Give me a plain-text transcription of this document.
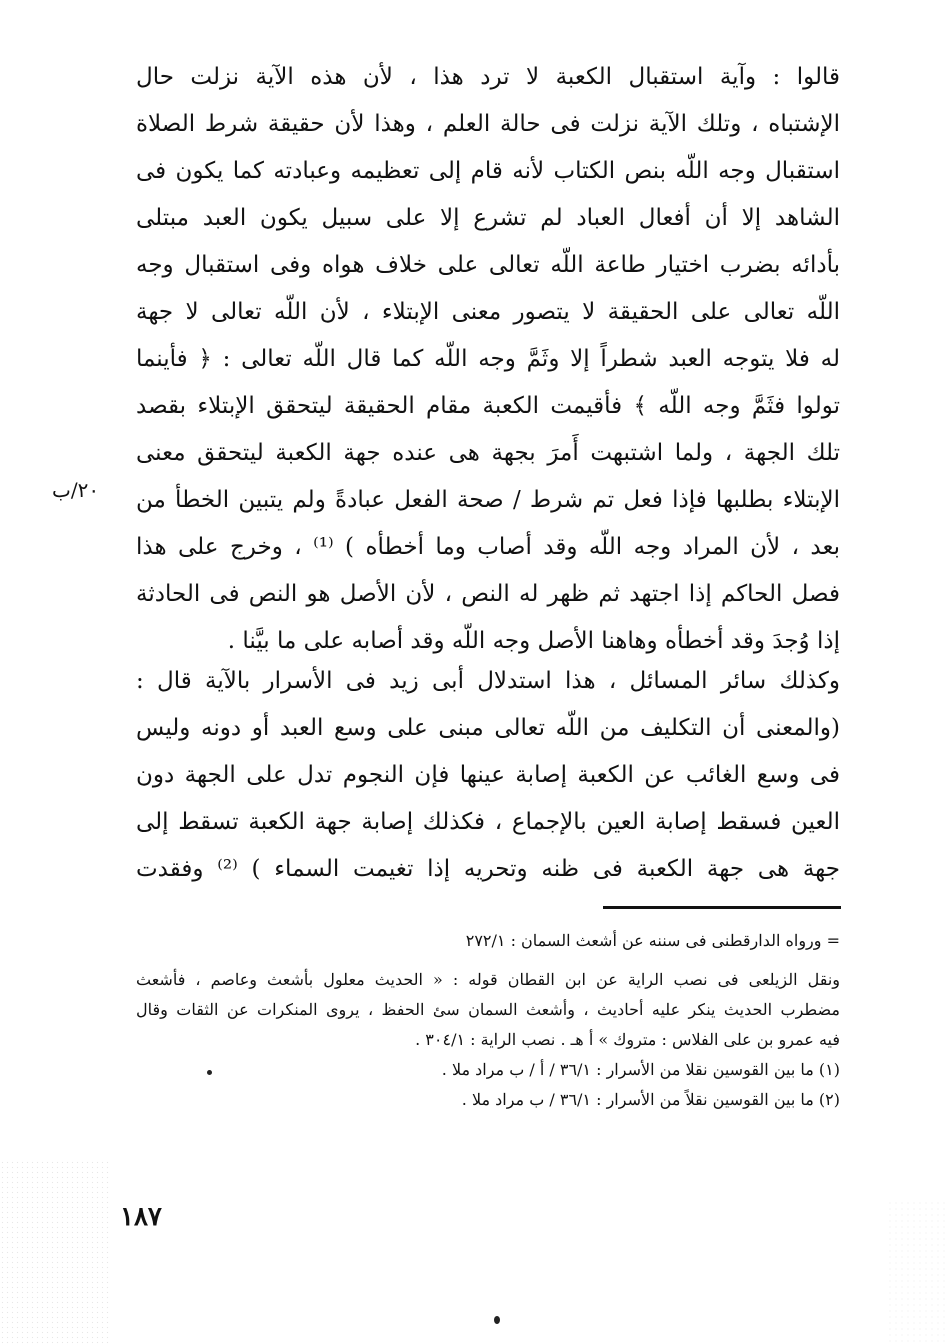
قالوا : وآية استقبال الكعبة لا ترد هذا ، لأن هذه الآية نزلت حال
الإشتباه ، وتلك الآية نزلت فى حالة العلم ، وهذا لأن حقيقة شرط الصلاة
استقبال وجه اللّه بنص الكتاب لأنه قام إلى تعظيمه وعبادته كما يكون فى
الشاهد إلا أن أفعال العباد لم تشرع إلا على سبيل يكون العبد مبتلى
بأدائه بضرب اختيار طاعة اللّه تعالى على خلاف هواه وفى استقبال وجه
اللّه تعالى على الحقيقة لا يتصور معنى الإبتلاء ، لأن اللّه تعالى لا جهة
له فلا يتوجه العبد شطراً إلا وثَمَّ وجه اللّه كما قال اللّه تعالى : ﴿ فأينما
تولوا فثَمَّ وجه اللّه ﴾ فأقيمت الكعبة مقام الحقيقة ليتحقق الإبتلاء بقصد
تلك الجهة ، ولما اشتبهت أَمرَ بجهة هى عنده جهة الكعبة ليتحقق معنى
الإبتلاء بطلبها فإذا فعل تم شرط / صحة الفعل عبادةً ولم يتبين الخطأ من
بعد ، لأن المراد وجه اللّه وقد أصاب وما أخطأه ) ⁽¹⁾ ، وخرج على هذا
فصل الحاكم إذا اجتهد ثم ظهر له النص ، لأن الأصل هو النص فى الحادثة
إذا وُجدَ وقد أخطأه وهاهنا الأصل وجه اللّه وقد أصابه على ما بيَّنا .
٢٠/ب
وكذلك سائر المسائل ، هذا استدلال أبى زيد فى الأسرار بالآية قال :
(والمعنى أن التكليف من اللّه تعالى مبنى على وسع العبد أو دونه وليس
فى وسع الغائب عن الكعبة إصابة عينها فإن النجوم تدل على الجهة دون
العين فسقط إصابة العين بالإجماع ، فكذلك إصابة جهة الكعبة تسقط إلى
جهة هى جهة الكعبة فى ظنه وتحريه إذا تغيمت السماء ) ⁽²⁾ وفقدت
= ورواه الدارقطنى فى سننه عن أشعث السمان : ٢٧٢/١
ونقل الزيلعى فى نصب الراية عن ابن القطان قوله : « الحديث معلول بأشعث وعاصم ، فأشعث
مضطرب الحديث ينكر عليه أحاديث ، وأشعث السمان سئ الحفظ ، يروى المنكرات عن الثقات وقال
فيه عمرو بن على الفلاس : متروك » أ هـ . نصب الراية : ٣٠٤/١ .
(١) ما بين القوسين نقلا من الأسرار : ٣٦/١ / أ / ب مراد ملا .
(٢) ما بين القوسين نقلاً من الأسرار : ٣٦/١ / ب مراد ملا .
١٨٧
